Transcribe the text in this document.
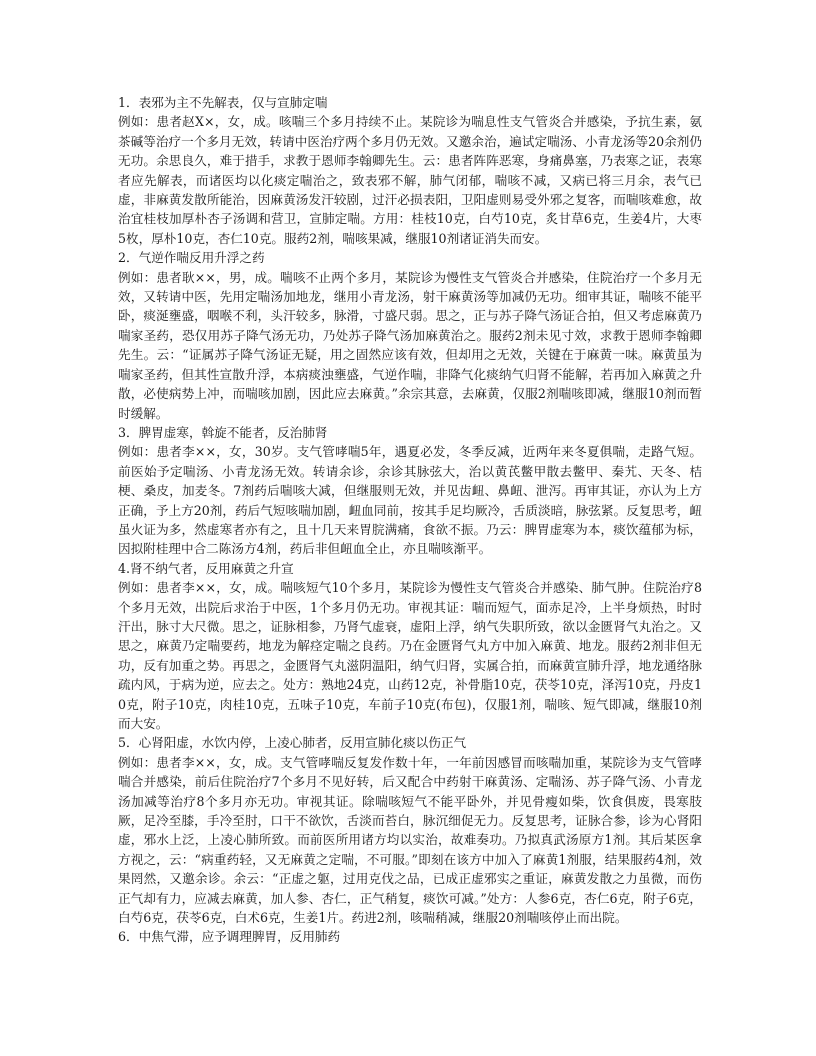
1．表邪为主不先解表，仅与宣肺定喘

例如：患者赵X×，女，成。咳喘三个多月持续不止。某院诊为喘息性支气管炎合并感染，予抗生素，氨茶碱等治疗一个多月无效，转请中医治疗两个多月仍无效。又邀余治，遍试定喘汤、小青龙汤等20余剂仍无功。余思良久，难于措手，求教于恩师李翰卿先生。云：患者阵阵恶寒，身痛鼻塞，乃表寒之证，表寒者应先解表，而诸医均以化痰定喘治之，致表邪不解，肺气闭郁，喘咳不减，又病已将三月余，表气已虚，非麻黄发散所能治，因麻黄汤发汗较剧，过汗必损表阳，卫阳虚则易受外邪之复客，而喘咳难愈，故治宜桂枝加厚朴杏子汤调和营卫，宣肺定喘。方用：桂枝10克，白芍10克，炙甘草6克，生姜4片，大枣5枚，厚朴10克，杏仁10克。服药2剂，喘咳果减，继服10剂诸证消失而安。

2．气逆作喘反用升浮之药

例如：患者耿××，男，成。喘咳不止两个多月，某院诊为慢性支气管炎合并感染，住院治疗一个多月无效，又转请中医，先用定喘汤加地龙，继用小青龙汤，射干麻黄汤等加减仍无功。细审其证，喘咳不能平卧，痰涎壅盛，咽喉不利，头汗较多，脉滑，寸盛尺弱。思之，正与苏子降气汤证合拍，但又考虑麻黄乃喘家圣药，恐仅用苏子降气汤无功，乃处苏子降气汤加麻黄治之。服药2剂未见寸效，求教于恩师李翰卿先生。云：“证属苏子降气汤证无疑，用之固然应该有效，但却用之无效，关键在于麻黄一味。麻黄虽为喘家圣药，但其性宣散升浮，本病痰浊壅盛，气逆作喘，非降气化痰纳气归肾不能解，若再加入麻黄之升散，必使病势上冲，而喘咳加剧，因此应去麻黄。”余宗其意，去麻黄，仅服2剂喘咳即减，继服10剂而暂时缓解。

3．脾胃虚寒，斡旋不能者，反治肺肾

例如：患者李××，女，30岁。支气管哮喘5年，遇夏必发，冬季反减，近两年来冬夏俱喘，走路气短。前医始予定喘汤、小青龙汤无效。转请余诊，余诊其脉弦大，治以黄芪鳖甲散去鳖甲、秦艽、天冬、桔梗、桑皮，加麦冬。7剂药后喘咳大减，但继服则无效，并见齿衄、鼻衄、泄泻。再审其证，亦认为上方正确，予上方20剂，药后气短咳喘加剧，衄血同前，按其手足均厥冷，舌质淡暗，脉弦紧。反复思考，衄虽火证为多，然虚寒者亦有之，且十几天来胃脘满痛，食欲不振。乃云：脾胃虚寒为本，痰饮蕴郁为标，因拟附桂理中合二陈汤方4剂，药后非但衄血全止，亦且喘咳渐平。

4.肾不纳气者，反用麻黄之升宣

例如：患者李××，女，成。喘咳短气10个多月，某院诊为慢性支气管炎合并感染、肺气肿。住院治疗8个多月无效，出院后求治于中医，1个多月仍无功。审视其证：喘而短气，面赤足冷，上半身烦热，时时汗出，脉寸大尺微。思之，证脉相参，乃肾气虚衰，虚阳上浮，纳气失职所致，欲以金匮肾气丸治之。又思之，麻黄乃定喘要药，地龙为解痉定喘之良药。乃在金匮肾气丸方中加入麻黄、地龙。服药2剂非但无功，反有加重之势。再思之，金匮肾气丸滋阴温阳，纳气归肾，实属合拍，而麻黄宣肺升浮，地龙通络脉疏内风，于病为逆，应去之。处方：熟地24克，山药12克，补骨脂10克，茯苓10克，泽泻10克，丹皮10克，附子10克，肉桂10克，五味子10克，车前子10克(布包)，仅服1剂，喘咳、短气即减，继服10剂而大安。

5．心肾阳虚，水饮内停，上凌心肺者，反用宣肺化痰以伤正气

例如：患者李××，女，成。支气管哮喘反复发作数十年，一年前因感冒而咳喘加重，某院诊为支气管哮喘合并感染，前后住院治疗7个多月不见好转，后又配合中药射干麻黄汤、定喘汤、苏子降气汤、小青龙汤加减等治疗8个多月亦无功。审视其证。除喘咳短气不能平卧外，并见骨瘦如柴，饮食俱废，畏寒肢厥，足冷至膝，手冷至肘，口干不欲饮，舌淡而苔白，脉沉细促无力。反复思考，证脉合参，诊为心肾阳虚，邪水上泛，上凌心肺所致。而前医所用诸方均以实治，故难奏功。乃拟真武汤原方1剂。其后某医拿方视之，云：“病重药轻，又无麻黄之定喘，不可服。”即刻在该方中加入了麻黄1剂服，结果服药4剂，效果罔然，又邀余诊。余云：“正虚之躯，过用克伐之品，已成正虚邪实之重证，麻黄发散之力虽微，而伤正气却有力，应减去麻黄，加人参、杏仁，正气稍复，痰饮可减。”处方：人参6克，杏仁6克，附子6克，白芍6克，茯苓6克，白术6克，生姜1片。药进2剂，咳喘稍减，继服20剂喘咳停止而出院。

6．中焦气滞，应予调理脾胃，反用肺药
